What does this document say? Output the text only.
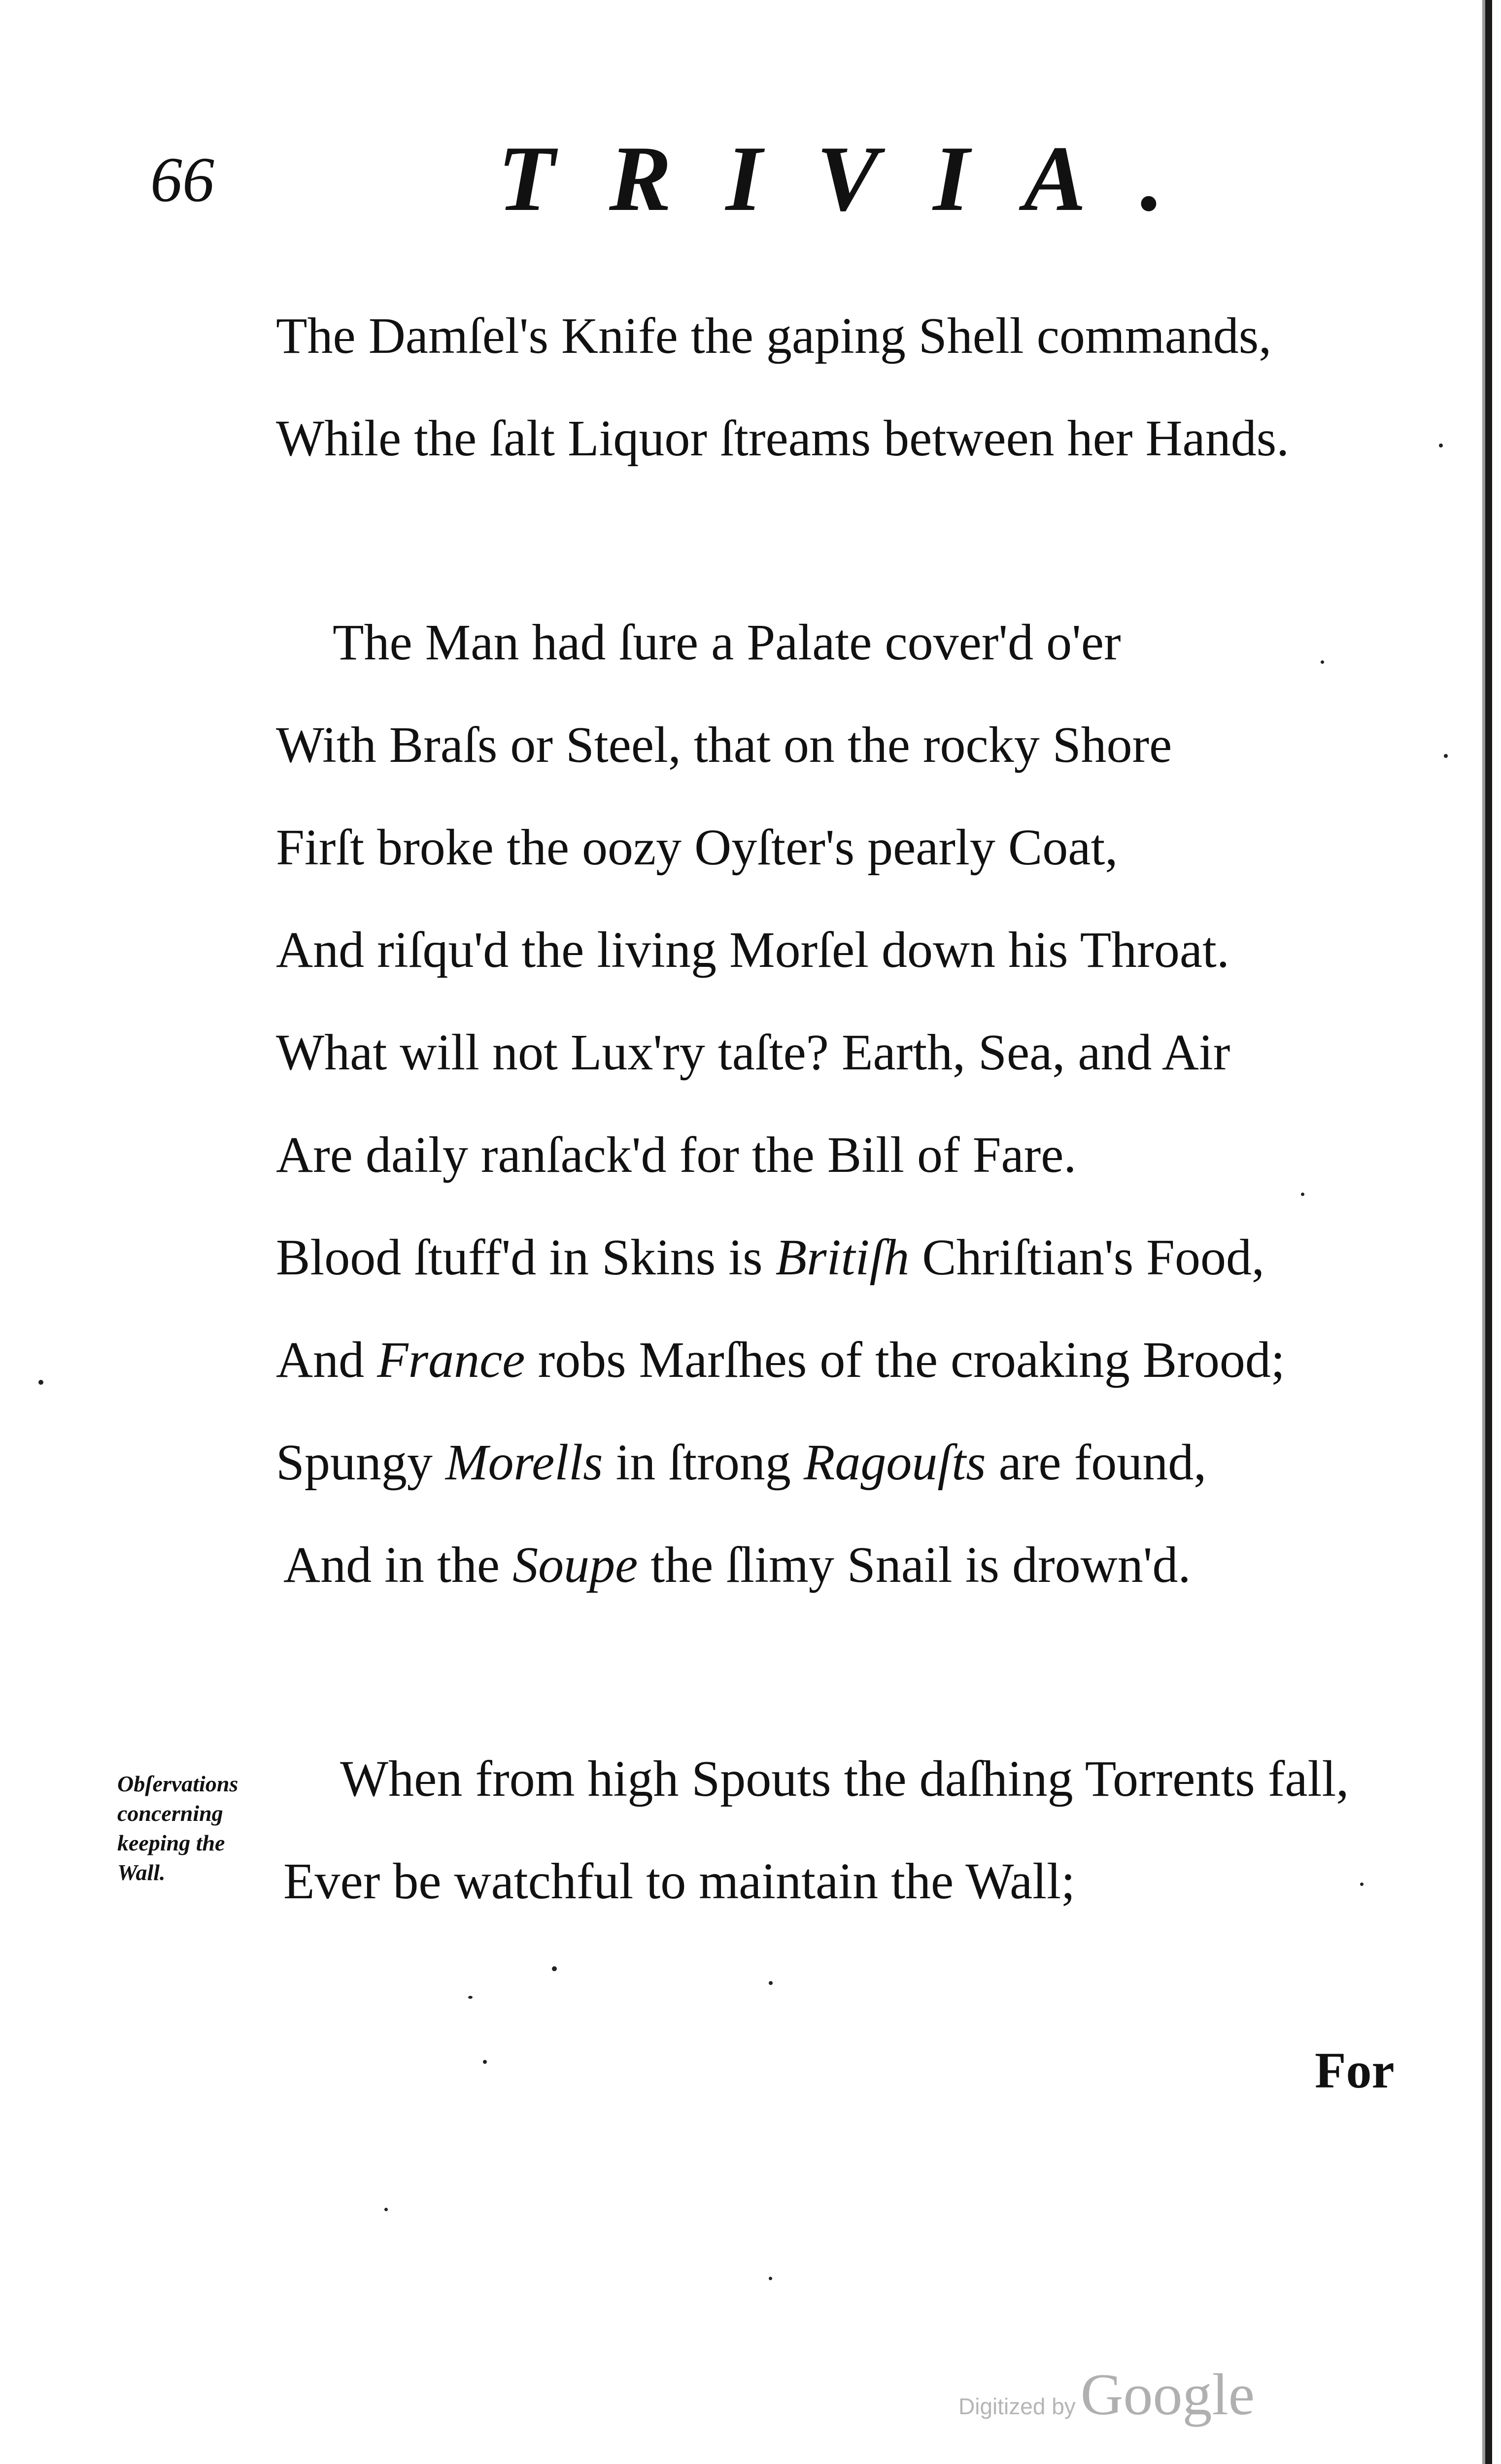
66	TRIVIA.
The Damſel's Knife the gaping Shell commands,
While the ſalt Liquor ſtreams between her Hands.
The Man had ſure a Palate cover'd o'er
With Braſs or Steel, that on the rocky Shore
Firſt broke the oozy Oyſter's pearly Coat,
And riſqu'd the living Morſel down his Throat.
What will not Lux'ry taſte? Earth, Sea, and Air
Are daily ranſack'd for the Bill of Fare.
Blood ſtuff'd in Skins is Britiſh Chriſtian's Food,
And France robs Marſhes of the croaking Brood;
Spungy Morells in ſtrong Ragouſts are found,
And in the Soupe the ſlimy Snail is drown'd.
Obſervations
concerning
keeping the
Wall.
When from high Spouts the daſhing Torrents fall,
Ever be watchful to maintain the Wall;
For
Digitized byGoogle
